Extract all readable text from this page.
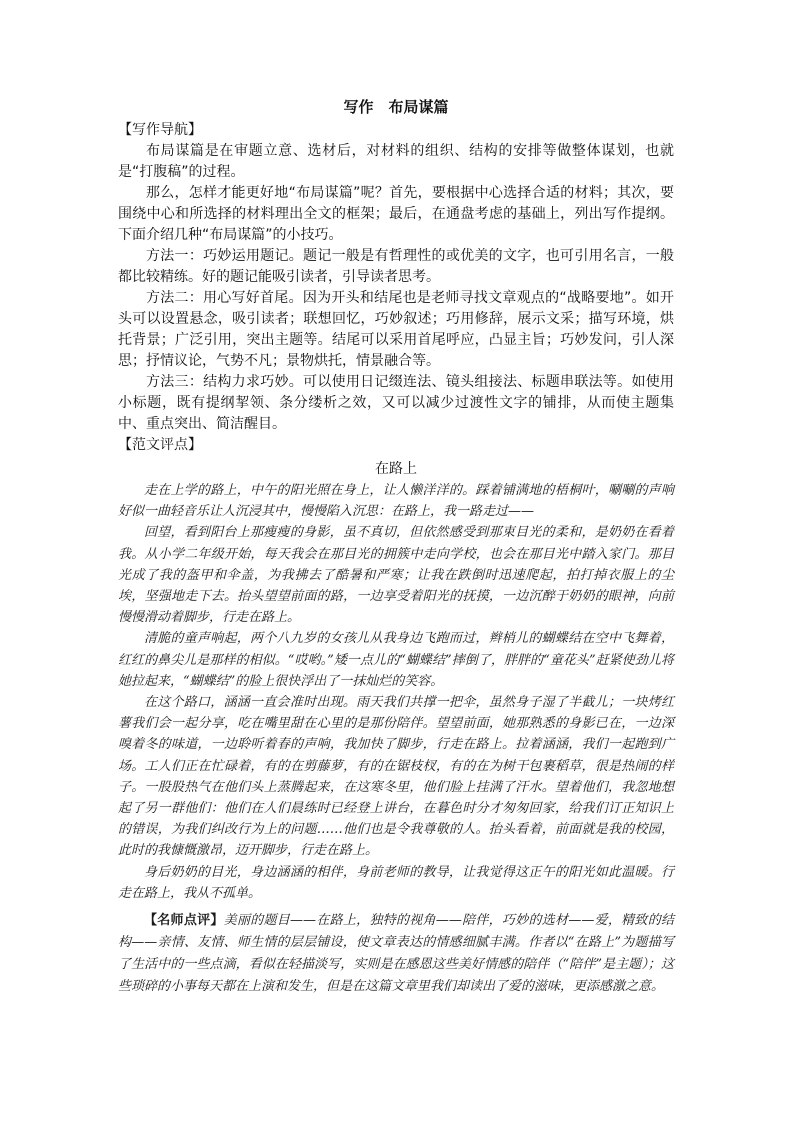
写作　布局谋篇
【写作导航】

布局谋篇是在审题立意、选材后，对材料的组织、结构的安排等做整体谋划，也就是“打腹稿”的过程。

那么，怎样才能更好地“布局谋篇”呢？首先，要根据中心选择合适的材料；其次，要围绕中心和所选择的材料理出全文的框架；最后，在通盘考虑的基础上，列出写作提纲。下面介绍几种“布局谋篇”的小技巧。

方法一：巧妙运用题记。题记一般是有哲理性的或优美的文字，也可引用名言，一般都比较精练。好的题记能吸引读者，引导读者思考。

方法二：用心写好首尾。因为开头和结尾也是老师寻找文章观点的“战略要地”。如开头可以设置悬念，吸引读者；联想回忆，巧妙叙述；巧用修辞，展示文采；描写环境，烘托背景；广泛引用，突出主题等。结尾可以采用首尾呼应，凸显主旨；巧妙发问，引人深思；抒情议论，气势不凡；景物烘托，情景融合等。

方法三：结构力求巧妙。可以使用日记缀连法、镜头组接法、标题串联法等。如使用小标题，既有提纲挈领、条分缕析之效，又可以减少过渡性文字的铺排，从而使主题集中、重点突出、简洁醒目。

【范文评点】
在路上

走在上学的路上，中午的阳光照在身上，让人懒洋洋的。踩着铺满地的梧桐叶，唰唰的声响好似一曲轻音乐让人沉浸其中，慢慢陷入沉思：在路上，我一路走过——

回望，看到阳台上那瘦瘦的身影，虽不真切，但依然感受到那束目光的柔和，是奶奶在看着我。从小学二年级开始，每天我会在那目光的拥簇中走向学校，也会在那目光中踏入家门。那目光成了我的盔甲和伞盖，为我拂去了酷暑和严寒；让我在跌倒时迅速爬起，拍打掉衣服上的尘埃，坚强地走下去。抬头望望前面的路，一边享受着阳光的抚摸，一边沉醉于奶奶的眼神，向前慢慢滑动着脚步，行走在路上。

清脆的童声响起，两个八九岁的女孩儿从我身边飞跑而过，辫梢儿的蝴蝶结在空中飞舞着，红红的鼻尖儿是那样的相似。“哎哟。”矮一点儿的“蝴蝶结”摔倒了，胖胖的“童花头”赶紧使劲儿将她拉起来，“蝴蝶结”的脸上很快浮出了一抹灿烂的笑容。

在这个路口，涵涵一直会准时出现。雨天我们共撑一把伞，虽然身子湿了半截儿；一块烤红薯我们会一起分享，吃在嘴里甜在心里的是那份陪伴。望望前面，她那熟悉的身影已在，一边深嗅着冬的味道，一边聆听着春的声响，我加快了脚步，行走在路上。拉着涵涵，我们一起跑到广场。工人们正在忙碌着，有的在剪藤萝，有的在锯枝杈，有的在为树干包裹稻草，很是热闹的样子。一股股热气在他们头上蒸腾起来，在这寒冬里，他们脸上挂满了汗水。望着他们，我忽地想起了另一群他们：他们在人们晨练时已经登上讲台，在暮色时分才匆匆回家，给我们订正知识上的错误，为我们纠改行为上的问题……他们也是令我尊敬的人。抬头看着，前面就是我的校园，此时的我慷慨激昂，迈开脚步，行走在路上。

身后奶奶的目光，身边涵涵的相伴，身前老师的教导，让我觉得这正午的阳光如此温暖。行走在路上，我从不孤单。

【名师点评】美丽的题目——在路上，独特的视角——陪伴，巧妙的选材——爱，精致的结构——亲情、友情、师生情的层层铺设，使文章表达的情感细腻丰满。作者以“在路上”为题描写了生活中的一些点滴，看似在轻描淡写，实则是在感恩这些美好情感的陪伴（“陪伴”是主题）；这些琐碎的小事每天都在上演和发生，但是在这篇文章里我们却读出了爱的滋味，更添感激之意。
